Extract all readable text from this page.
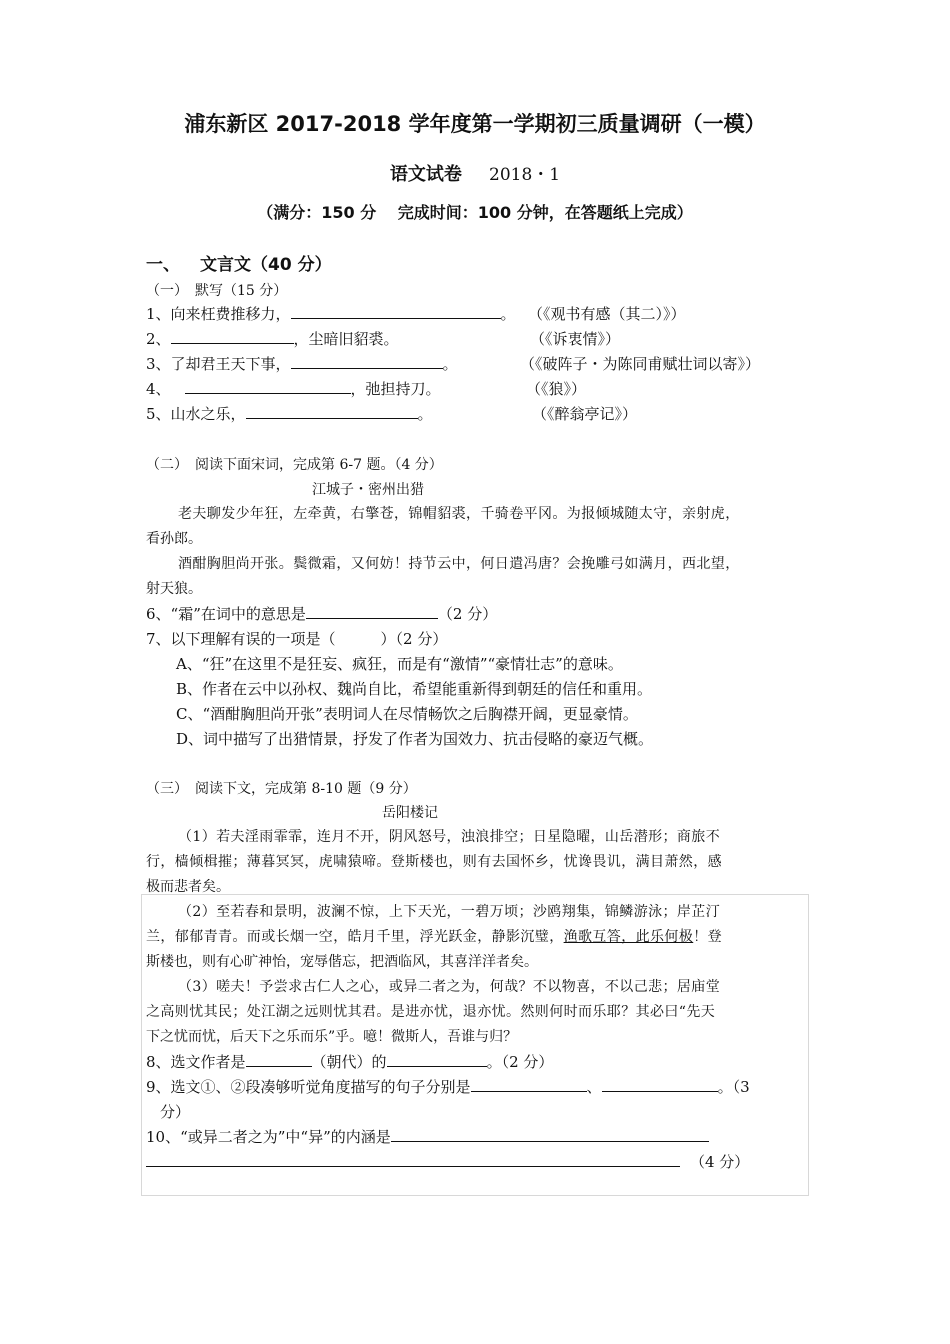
浦东新区 2017-2018 学年度第一学期初三质量调研（一模）
语文试卷 2018・1
（满分：150 分　 完成时间：100 分钟，在答题纸上完成）
一、 文言文（40 分）
（一）　默写（15 分）
1、向来枉费推移力，	。 （《观书有感（其二）》）
2、	，尘暗旧貂裘。	（《诉衷情》）
3、了却君王天下事，	。	（《破阵子・为陈同甫赋壮词以寄》）
4、	，弛担持刀。	（《狼》）
5、山水之乐，	。	（《醉翁亭记》）
（二）　阅读下面宋词，完成第 6-7 题。（4 分）
江城子・密州出猎
老夫聊发少年狂，左牵黄，右擎苍，锦帽貂裘，千骑卷平冈。为报倾城随太守，亲射虎，
看孙郎。
酒酣胸胆尚开张。鬓微霜，又何妨！持节云中，何日遣冯唐？会挽雕弓如满月，西北望，
射天狼。
6、“霜”在词中的意思是	（2 分）
7、以下理解有误的一项是（　　　）（2 分）
A、“狂”在这里不是狂妄、疯狂，而是有“激情”“豪情壮志”的意味。
B、作者在云中以孙权、魏尚自比，希望能重新得到朝廷的信任和重用。
C、“酒酣胸胆尚开张”表明词人在尽情畅饮之后胸襟开阔，更显豪情。
D、词中描写了出猎情景，抒发了作者为国效力、抗击侵略的豪迈气概。
（三）　阅读下文，完成第 8-10 题（9 分）
岳阳楼记
（1）若夫淫雨霏霏，连月不开，阴风怒号，浊浪排空；日星隐曜，山岳潜形；商旅不
行，樯倾楫摧；薄暮冥冥，虎啸猿啼。登斯楼也，则有去国怀乡，忧谗畏讥，满目萧然，感
极而悲者矣。
（2）至若春和景明，波澜不惊，上下天光，一碧万顷；沙鸥翔集，锦鳞游泳；岸芷汀
兰，郁郁青青。而或长烟一空，皓月千里，浮光跃金，静影沉璧，渔歌互答，此乐何极！登
斯楼也，则有心旷神怡，宠辱偕忘，把酒临风，其喜洋洋者矣。
（3）嗟夫！予尝求古仁人之心，或异二者之为，何哉？不以物喜，不以己悲；居庙堂
之高则忧其民；处江湖之远则忧其君。是进亦忧，退亦忧。然则何时而乐耶？其必曰“先天
下之忧而忧，后天下之乐而乐”乎。噫！微斯人，吾谁与归？
8、选文作者是	（朝代）的	。（2 分）
9、选文①、②段凑够听觉角度描写的句子分别是	、	。（3
分）
10、“或异二者之为”中“异”的内涵是
（4 分）
